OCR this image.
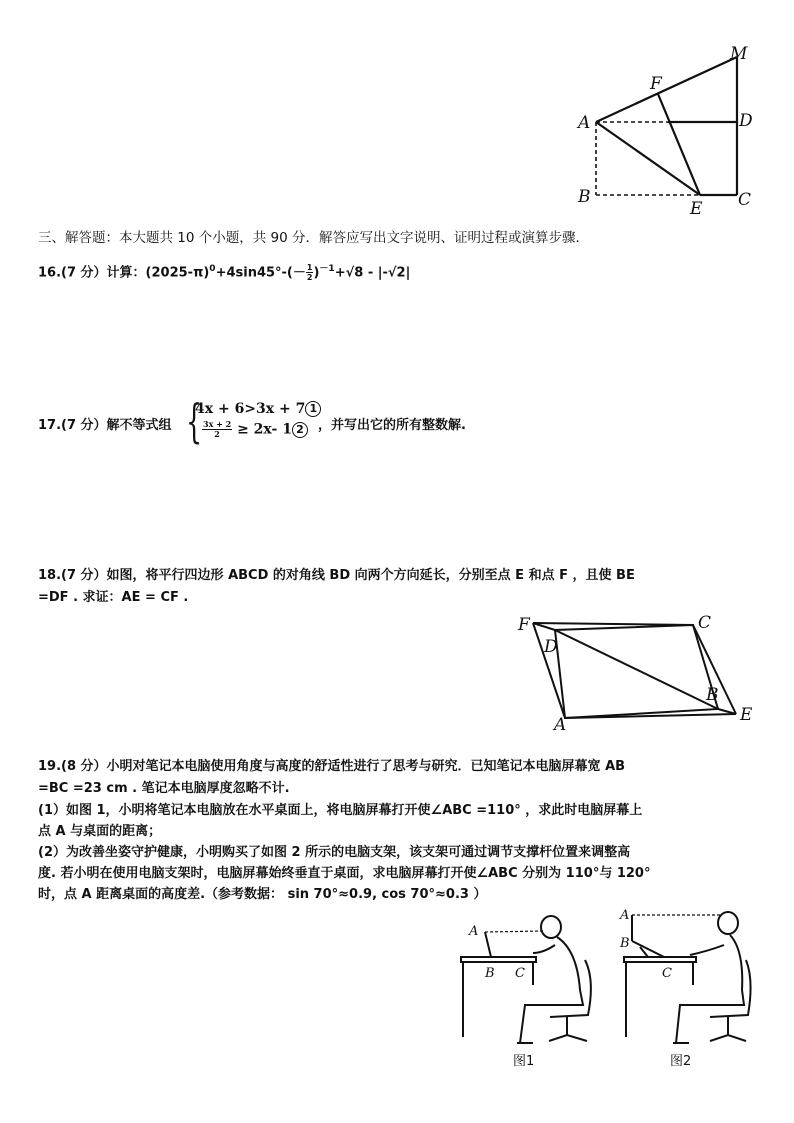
M
F
A	D
B
E C
三、解答题：本大题共 10 个小题，共 90 分．解答应写出文字说明、证明过程或演算步骤．
16.(7 分）计算：$(2025-\pi)^0+4\sin 45^\circ-(- \frac{1}{2} )^{-1}+√8 - |-√2|$
17.(7 分）解不等式组 {
4x + 6>3x + 7 1
$\frac{3x + 2}{2} \ge 2x-$ 1 2	，并写出它的所有整数解.
18.(7 分）如图，将平行四边形 ABCD 的对角线 BD 向两个方向延长，分别至点 E 和点 F ，且使 BE
=DF . 求证：AE = CF .
F
D
C
B
A	E
19.(8 分）小明对笔记本电脑使用角度与高度的舒适性进行了思考与研究．已知笔记本电脑屏幕宽 AB
=BC =23 cm . 笔记本电脑厚度忽略不计.
(1）如图 1，小明将笔记本电脑放在水平桌面上，将电脑屏幕打开使∠ABC =110° ，求此时电脑屏幕上
点 A 与桌面的距离；
(2）为改善坐姿守护健康，小明购买了如图 2 所示的电脑支架，该支架可通过调节支撑杆位置来调整高
度. 若小明在使用电脑支架时，电脑屏幕始终垂直于桌面，求电脑屏幕打开使∠ABC 分别为 110°与 120°
时，点 A 距离桌面的高度差.（参考数据： sin 70°≈0.9, cos 70°≈0.3 ）
A
B C
图1
A
B
C
图2
